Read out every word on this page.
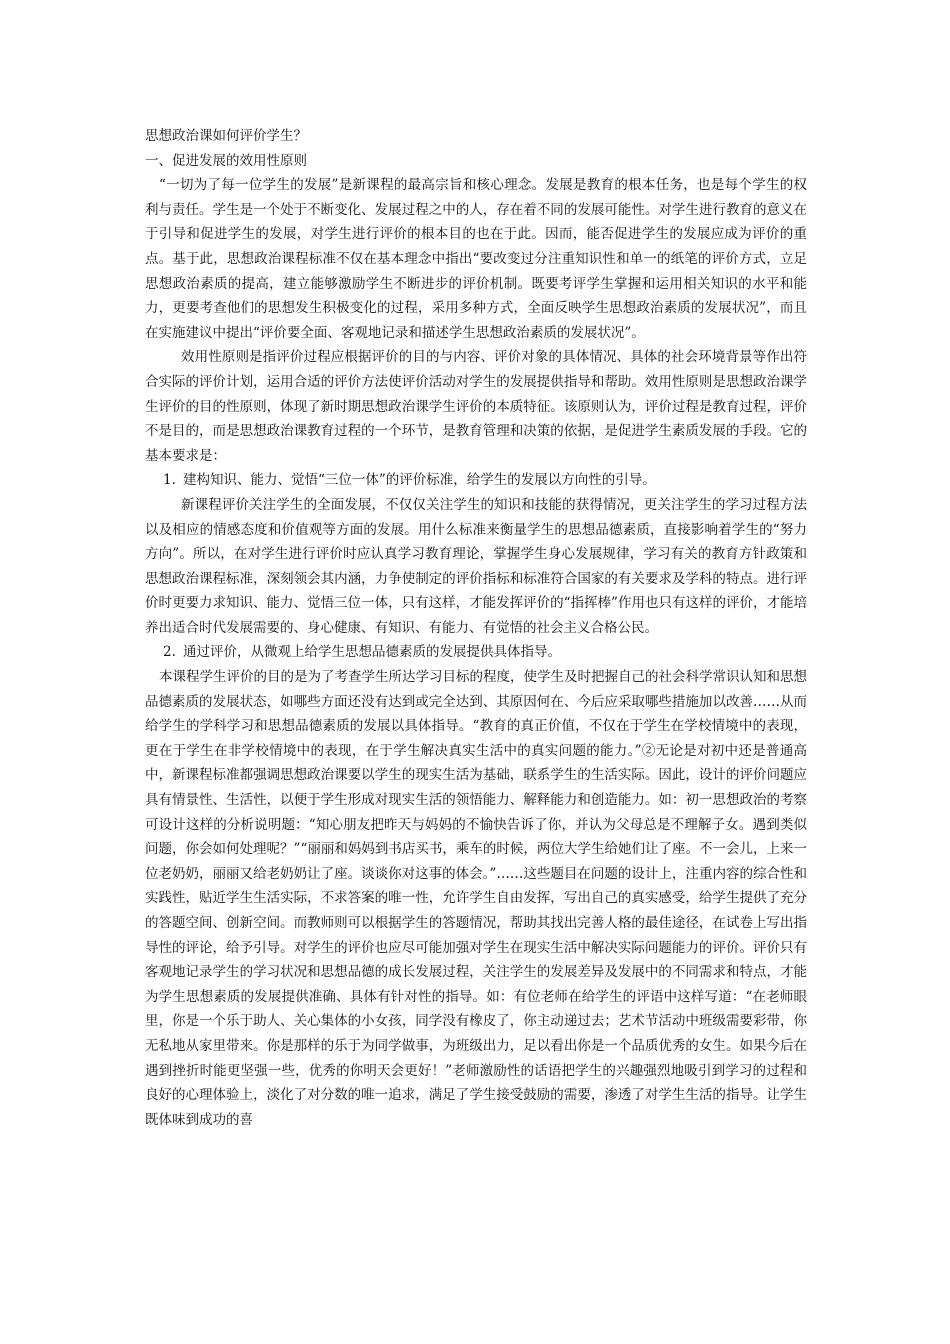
思想政治课如何评价学生？

一、促进发展的效用性原则

“一切为了每一位学生的发展”是新课程的最高宗旨和核心理念。发展是教育的根本任务，也是每个学生的权利与责任。学生是一个处于不断变化、发展过程之中的人，存在着不同的发展可能性。对学生进行教育的意义在于引导和促进学生的发展，对学生进行评价的根本目的也在于此。因而，能否促进学生的发展应成为评价的重点。基于此，思想政治课程标准不仅在基本理念中指出“要改变过分注重知识性和单一的纸笔的评价方式，立足思想政治素质的提高，建立能够激励学生不断进步的评价机制。既要考评学生掌握和运用相关知识的水平和能力，更要考查他们的思想发生积极变化的过程，采用多种方式，全面反映学生思想政治素质的发展状况”，而且在实施建议中提出“评价要全面、客观地记录和描述学生思想政治素质的发展状况”。

效用性原则是指评价过程应根据评价的目的与内容、评价对象的具体情况、具体的社会环境背景等作出符合实际的评价计划，运用合适的评价方法使评价活动对学生的发展提供指导和帮助。效用性原则是思想政治课学生评价的目的性原则，体现了新时期思想政治课学生评价的本质特征。该原则认为，评价过程是教育过程，评价不是目的，而是思想政治课教育过程的一个环节，是教育管理和决策的依据，是促进学生素质发展的手段。它的基本要求是：

1. 建构知识、能力、觉悟“三位一体”的评价标准，给学生的发展以方向性的引导。

新课程评价关注学生的全面发展，不仅仅关注学生的知识和技能的获得情况，更关注学生的学习过程方法以及相应的情感态度和价值观等方面的发展。用什么标准来衡量学生的思想品德素质，直接影响着学生的“努力方向”。所以，在对学生进行评价时应认真学习教育理论，掌握学生身心发展规律，学习有关的教育方针政策和思想政治课程标准，深刻领会其内涵，力争使制定的评价指标和标准符合国家的有关要求及学科的特点。进行评价时更要力求知识、能力、觉悟三位一体，只有这样，才能发挥评价的“指挥棒”作用也只有这样的评价，才能培养出适合时代发展需要的、身心健康、有知识、有能力、有觉悟的社会主义合格公民。

2. 通过评价，从微观上给学生思想品德素质的发展提供具体指导。

本课程学生评价的目的是为了考查学生所达学习目标的程度，使学生及时把握自己的社会科学常识认知和思想品德素质的发展状态，如哪些方面还没有达到或完全达到、其原因何在、今后应采取哪些措施加以改善……从而给学生的学科学习和思想品德素质的发展以具体指导。“教育的真正价值，不仅在于学生在学校情境中的表现，更在于学生在非学校情境中的表现，在于学生解决真实生活中的真实问题的能力。”②无论是对初中还是普通高中，新课程标准都强调思想政治课要以学生的现实生活为基础，联系学生的生活实际。因此，设计的评价问题应具有情景性、生活性，以便于学生形成对现实生活的领悟能力、解释能力和创造能力。如：初一思想政治的考察可设计这样的分析说明题：“知心朋友把昨天与妈妈的不愉快告诉了你，并认为父母总是不理解子女。遇到类似问题，你会如何处理呢？”“丽丽和妈妈到书店买书，乘车的时候，两位大学生给她们让了座。不一会儿，上来一位老奶奶，丽丽又给老奶奶让了座。谈谈你对这事的体会。”……这些题目在问题的设计上，注重内容的综合性和实践性，贴近学生生活实际，不求答案的唯一性，允许学生自由发挥，写出自己的真实感受，给学生提供了充分的答题空间、创新空间。而教师则可以根据学生的答题情况，帮助其找出完善人格的最佳途径，在试卷上写出指导性的评论，给予引导。对学生的评价也应尽可能加强对学生在现实生活中解决实际问题能力的评价。评价只有客观地记录学生的学习状况和思想品德的成长发展过程，关注学生的发展差异及发展中的不同需求和特点，才能为学生思想素质的发展提供准确、具体有针对性的指导。如：有位老师在给学生的评语中这样写道：“在老师眼里，你是一个乐于助人、关心集体的小女孩，同学没有橡皮了，你主动递过去；艺术节活动中班级需要彩带，你无私地从家里带来。你是那样的乐于为同学做事，为班级出力，足以看出你是一个品质优秀的女生。如果今后在遇到挫折时能更坚强一些，优秀的你明天会更好！”老师激励性的话语把学生的兴趣强烈地吸引到学习的过程和良好的心理体验上，淡化了对分数的唯一追求，满足了学生接受鼓励的需要，渗透了对学生生活的指导。让学生既体味到成功的喜
